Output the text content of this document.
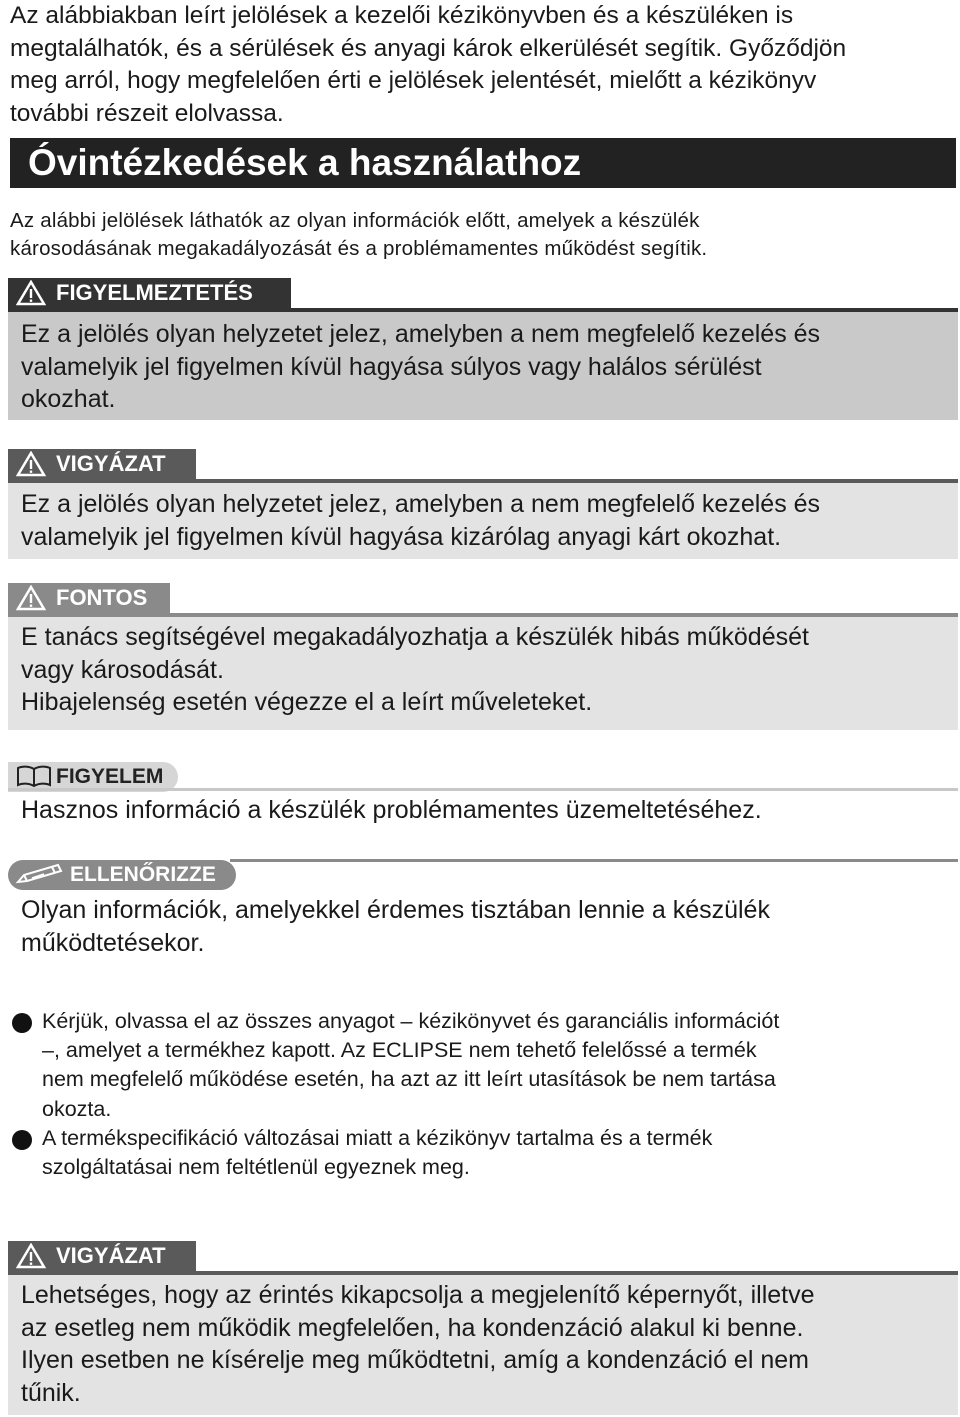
Az alábbiakban leírt jelölések a kezelői kézikönyvben és a készüléken is
megtalálhatók, és a sérülések és anyagi károk elkerülését segítik. Győződjön
meg arról, hogy megfelelően érti e jelölések jelentését, mielőtt a kézikönyv
további részeit elolvassa.
Óvintézkedések a használathoz
Az alábbi jelölések láthatók az olyan információk előtt, amelyek a készülék
károsodásának megakadályozását és a problémamentes működést segítik.
FIGYELMEZTETÉS
Ez a jelölés olyan helyzetet jelez, amelyben a nem megfelelő kezelés és
valamelyik jel figyelmen kívül hagyása súlyos vagy halálos sérülést
okozhat.
VIGYÁZAT
Ez a jelölés olyan helyzetet jelez, amelyben a nem megfelelő kezelés és
valamelyik jel figyelmen kívül hagyása kizárólag anyagi kárt okozhat.
FONTOS
E tanács segítségével megakadályozhatja a készülék hibás működését
vagy károsodását.
Hibajelenség esetén végezze el a leírt műveleteket.
FIGYELEM
Hasznos információ a készülék problémamentes üzemeltetéséhez.
ELLENŐRIZZE
Olyan információk, amelyekkel érdemes tisztában lennie a készülék
működtetésekor.
Kérjük, olvassa el az összes anyagot – kézikönyvet és garanciális információt
–, amelyet a termékhez kapott. Az ECLIPSE nem tehető felelőssé a termék
nem megfelelő működése esetén, ha azt az itt leírt utasítások be nem tartása
okozta.
A termékspecifikáció változásai miatt a kézikönyv tartalma és a termék
szolgáltatásai nem feltétlenül egyeznek meg.
VIGYÁZAT
Lehetséges, hogy az érintés kikapcsolja a megjelenítő képernyőt, illetve
az esetleg nem működik megfelelően, ha kondenzáció alakul ki benne.
Ilyen esetben ne kísérelje meg működtetni, amíg a kondenzáció el nem
tűnik.
